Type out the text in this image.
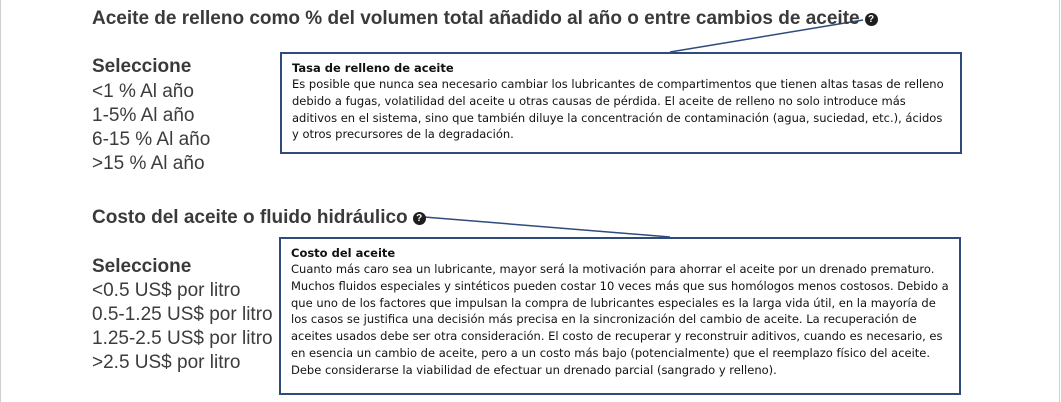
Aceite de relleno como % del volumen total añadido al año o entre cambios de aceite ?
Seleccione
<1 % Al año
1-5% Al año
6-15 % Al año
>15 % Al año
Tasa de relleno de aceite
Es posible que nunca sea necesario cambiar los lubricantes de compartimentos que tienen altas tasas de relleno debido a fugas, volatilidad del aceite u otras causas de pérdida. El aceite de relleno no solo introduce más aditivos en el sistema, sino que también diluye la concentración de contaminación (agua, suciedad, etc.), ácidos y otros precursores de la degradación.
Costo del aceite o fluido hidráulico ?
Seleccione
<0.5 US$ por litro
0.5-1.25 US$ por litro
1.25-2.5 US$ por litro
>2.5 US$ por litro
Costo del aceite
Cuanto más caro sea un lubricante, mayor será la motivación para ahorrar el aceite por un drenado prematuro. Muchos fluidos especiales y sintéticos pueden costar 10 veces más que sus homólogos menos costosos. Debido a que uno de los factores que impulsan la compra de lubricantes especiales es la larga vida útil, en la mayoría de los casos se justifica una decisión más precisa en la sincronización del cambio de aceite. La recuperación de aceites usados debe ser otra consideración. El costo de recuperar y reconstruir aditivos, cuando es necesario, es en esencia un cambio de aceite, pero a un costo más bajo (potencialmente) que el reemplazo físico del aceite. Debe considerarse la viabilidad de efectuar un drenado parcial (sangrado y relleno).
